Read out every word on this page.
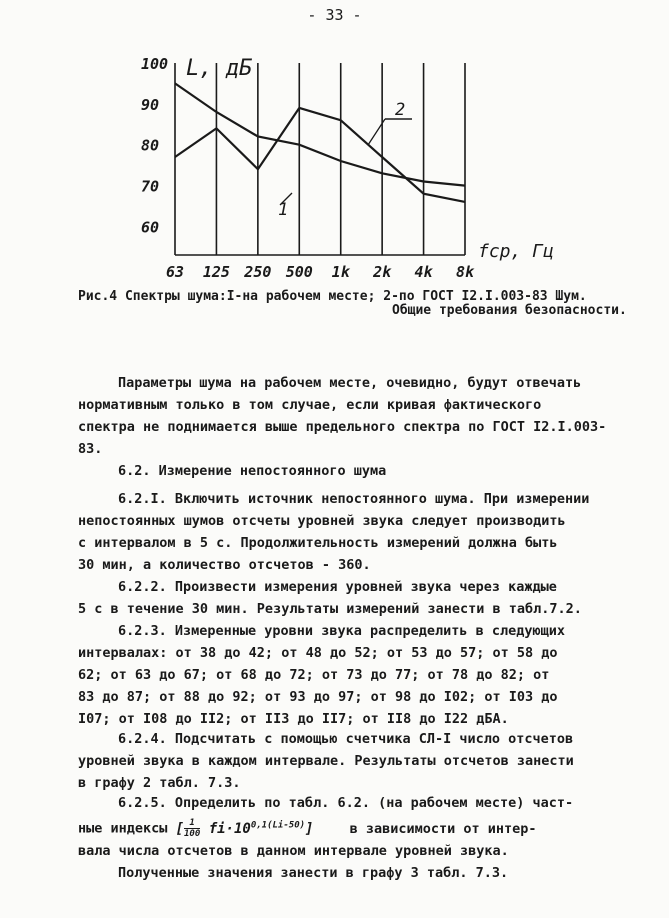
- 33 -
100
90
80
70
60
63 125 250 500 1k 2k 4k 8k
L, дБ
fср, Гц
1
2
Рис.4 Спектры шума:I-на рабочем месте; 2-по ГОСТ I2.I.003-83 Шум.
Общие требования безопасности.
Параметры шума на рабочем месте, очевидно, будут отвечать
нормативным только в том случае, если кривая фактического
спектра не поднимается выше предельного спектра по ГОСТ I2.I.003-
83.
6.2. Измерение непостоянного шума
6.2.I. Включить источник непостоянного шума. При измерении
непостоянных шумов отсчеты уровней звука следует производить
с интервалом в 5 с. Продолжительность измерений должна быть
30 мин, а количество отсчетов - 360.
6.2.2. Произвести измерения уровней звука через каждые
5 с в течение 30 мин. Результаты измерений занести в табл.7.2.
6.2.3. Измеренные уровни звука распределить в следующих
интервалах: от 38 до 42; от 48 до 52; от 53 до 57; от 58 до
62; от 63 до 67; от 68 до 72; от 73 до 77; от 78 до 82; от
83 до 87; от 88 до 92; от 93 до 97; от 98 до I02; от I03 до
I07; от I08 до II2; от II3 до II7; от II8 до I22 дБА.
6.2.4. Подсчитать с помощью счетчика СЛ-I число отсчетов
уровней звука в каждом интервале. Результаты отсчетов занести
в графу 2 табл. 7.3.
6.2.5. Определить по табл. 6.2. (на рабочем месте) част-
ные индексы [ $\frac{1}{100} fi\cdot 10^{0,1(Li-50)}$]	в зависимости от интер-
вала числа отсчетов в данном интервале уровней звука.
Полученные значения занести в графу 3 табл. 7.3.
